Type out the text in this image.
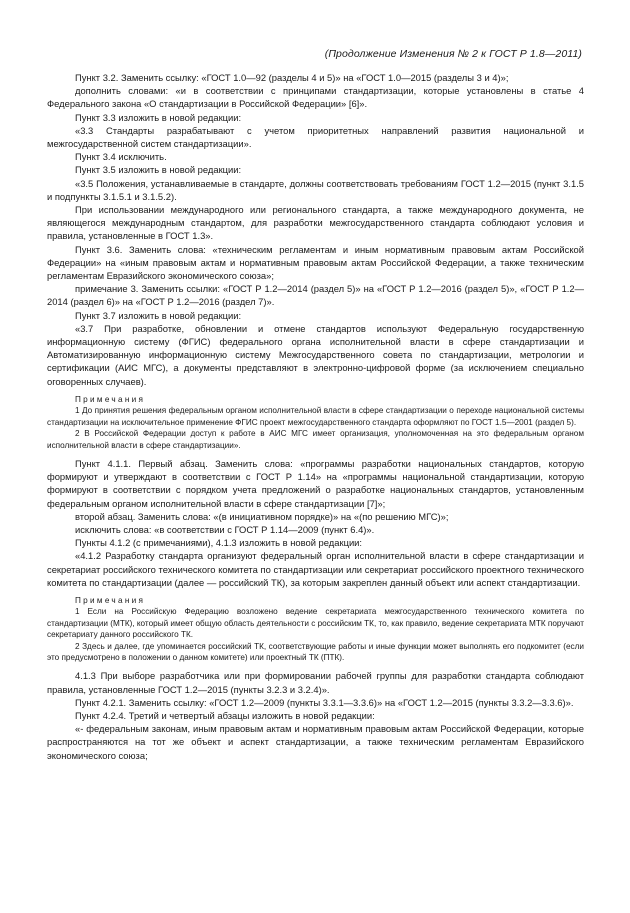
(Продолжение Изменения № 2 к ГОСТ Р 1.8—2011)

Пункт 3.2. Заменить ссылку: «ГОСТ 1.0—92 (разделы 4 и 5)» на «ГОСТ 1.0—2015 (разделы 3 и 4)»;

дополнить словами: «и в соответствии с принципами стандартизации, которые установлены в статье 4 Федерального закона «О стандартизации в Российской Федерации» [6]».

Пункт 3.3 изложить в новой редакции:

«3.3 Стандарты разрабатывают с учетом приоритетных направлений развития национальной и межгосударственной систем стандартизации».

Пункт 3.4 исключить.

Пункт 3.5 изложить в новой редакции:

«3.5 Положения, устанавливаемые в стандарте, должны соответствовать требованиям ГОСТ 1.2—2015 (пункт 3.1.5 и подпункты 3.1.5.1 и 3.1.5.2).

При использовании международного или регионального стандарта, а также международного документа, не являющегося международным стандартом, для разработки межгосударственного стандарта соблюдают условия и правила, установленные в ГОСТ 1.3».

Пункт 3.6. Заменить слова: «техническим регламентам и иным нормативным правовым актам Российской Федерации» на «иным правовым актам и нормативным правовым актам Российской Федерации, а также техническим регламентам Евразийского экономического союза»;

примечание 3. Заменить ссылки: «ГОСТ Р 1.2—2014 (раздел 5)» на «ГОСТ Р 1.2—2016 (раздел 5)», «ГОСТ Р 1.2—2014 (раздел 6)» на «ГОСТ Р 1.2—2016 (раздел 7)».

Пункт 3.7 изложить в новой редакции:

«3.7 При разработке, обновлении и отмене стандартов используют Федеральную государственную информационную систему (ФГИС) федерального органа исполнительной власти в сфере стандартизации и Автоматизированную информационную систему Межгосударственного совета по стандартизации, метрологии и сертификации (АИС МГС), а документы представляют в электронно-цифровой форме (за исключением специально оговоренных случаев).

Примечания

1 До принятия решения федеральным органом исполнительной власти в сфере стандартизации о переходе национальной системы стандартизации на исключительное применение ФГИС проект межгосударственного стандарта оформляют по ГОСТ 1.5—2001 (раздел 5).

2 В Российской Федерации доступ к работе в АИС МГС имеет организация, уполномоченная на это федеральным органом исполнительной власти в сфере стандартизации».

Пункт 4.1.1. Первый абзац. Заменить слова: «программы разработки национальных стандартов, которую формируют и утверждают в соответствии с ГОСТ Р 1.14» на «программы национальной стандартизации, которую формируют в соответствии с порядком учета предложений о разработке национальных стандартов, установленным федеральным органом исполнительной власти в сфере стандартизации [7]»;

второй абзац. Заменить слова: «(в инициативном порядке)» на «(по решению МГС)»;

исключить слова: «в соответствии с ГОСТ Р 1.14—2009 (пункт 6.4)».

Пункты 4.1.2 (с примечаниями), 4.1.3 изложить в новой редакции:

«4.1.2 Разработку стандарта организуют федеральный орган исполнительной власти в сфере стандартизации и секретариат российского технического комитета по стандартизации или секретариат российского проектного технического комитета по стандартизации (далее — российский ТК), за которым закреплен данный объект или аспект стандартизации.

Примечания

1 Если на Российскую Федерацию возложено ведение секретариата межгосударственного технического комитета по стандартизации (МТК), который имеет общую область деятельности с российским ТК, то, как правило, ведение секретариата МТК поручают секретариату данного российского ТК.

2 Здесь и далее, где упоминается российский ТК, соответствующие работы и иные функции может выполнять его подкомитет (если это предусмотрено в положении о данном комитете) или проектный ТК (ПТК).

4.1.3 При выборе разработчика или при формировании рабочей группы для разработки стандарта соблюдают правила, установленные ГОСТ 1.2—2015 (пункты 3.2.3 и 3.2.4)».

Пункт 4.2.1. Заменить ссылку: «ГОСТ 1.2—2009 (пункты 3.3.1—3.3.6)» на «ГОСТ 1.2—2015 (пункты 3.3.2—3.3.6)».

Пункт 4.2.4. Третий и четвертый абзацы изложить в новой редакции:

«- федеральным законам, иным правовым актам и нормативным правовым актам Российской Федерации, которые распространяются на тот же объект и аспект стандартизации, а также техническим регламентам Евразийского экономического союза;
